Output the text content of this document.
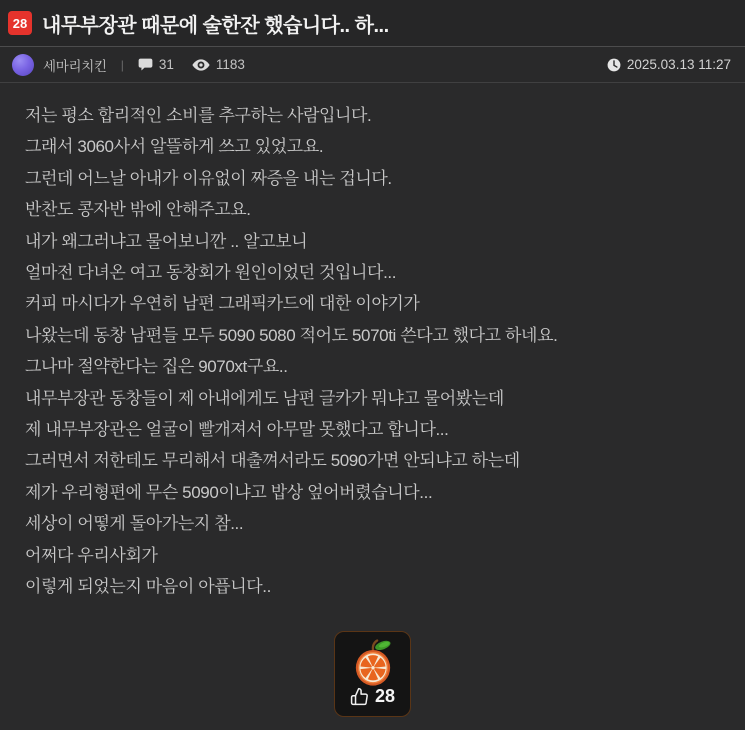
28 내무부장관 때문에 술한잔 했습니다.. 하...
세마리치킨 |	31	1183	2025.03.13 11:27

저는 평소 합리적인 소비를 추구하는 사람입니다.

그래서 3060사서 알뜰하게 쓰고 있었고요.

그런데 어느날 아내가 이유없이 짜증을 내는 겁니다.

반찬도 콩자반 밖에 안해주고요.

내가 왜그러냐고 물어보니깐 .. 알고보니

얼마전 다녀온 여고 동창회가 원인이었던 것입니다...

커피 마시다가 우연히 남편 그래픽카드에 대한 이야기가

나왔는데 동창 남편들 모두 5090 5080 적어도 5070ti 쓴다고 했다고 하네요.

그나마 절약한다는 집은 9070xt구요..

내무부장관 동창들이 제 아내에게도 남편 글카가 뭐냐고 물어봤는데

제 내무부장관은 얼굴이 빨개져서 아무말 못했다고 합니다...

그러면서 저한테도 무리해서 대출껴서라도 5090가면 안되냐고 하는데

제가 우리형편에 무슨 5090이냐고 밥상 엎어버렸습니다...

세상이 어떻게 돌아가는지 참...

어쩌다 우리사회가

이렇게 되었는지 마음이 아픕니다..

28
